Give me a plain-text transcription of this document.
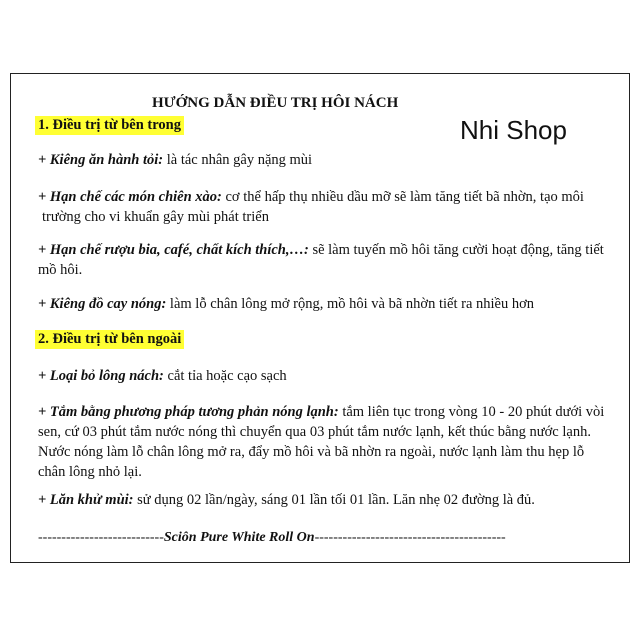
HƯỚNG DẪN ĐIỀU TRỊ HÔI NÁCH
Nhi Shop
1. Điều trị từ bên trong
+ Kiêng ăn hành tỏi: là tác nhân gây nặng mùi
+ Hạn chế các món chiên xào: cơ thể hấp thụ nhiều dầu mỡ sẽ làm tăng tiết bã nhờn, tạo môi
trường cho vi khuẩn gây mùi phát triển
+ Hạn chế rượu bia, café, chất kích thích,…: sẽ làm tuyến mồ hôi tăng cười hoạt động, tăng tiết mồ hôi.
+ Kiêng đồ cay nóng: làm lỗ chân lông mở rộng, mồ hôi và bã nhờn tiết ra nhiều hơn
2. Điều trị từ bên ngoài
+ Loại bỏ lông nách: cắt tỉa hoặc cạo sạch
+ Tắm bằng phương pháp tương phản nóng lạnh: tắm liên tục trong vòng 10 - 20 phút dưới vòi sen, cứ 03 phút tắm nước nóng thì chuyển qua 03 phút tắm nước lạnh, kết thúc bằng nước lạnh. Nước nóng làm lỗ chân lông mở ra, đẩy mồ hôi và bã nhờn ra ngoài, nước lạnh làm thu hẹp lỗ chân lông nhỏ lại.
+ Lăn khử mùi: sử dụng 02 lần/ngày, sáng 01 lần tối 01 lần. Lăn nhẹ 02 đường là đủ.
---------------------------Sciôn Pure White Roll On-----------------------------------------
